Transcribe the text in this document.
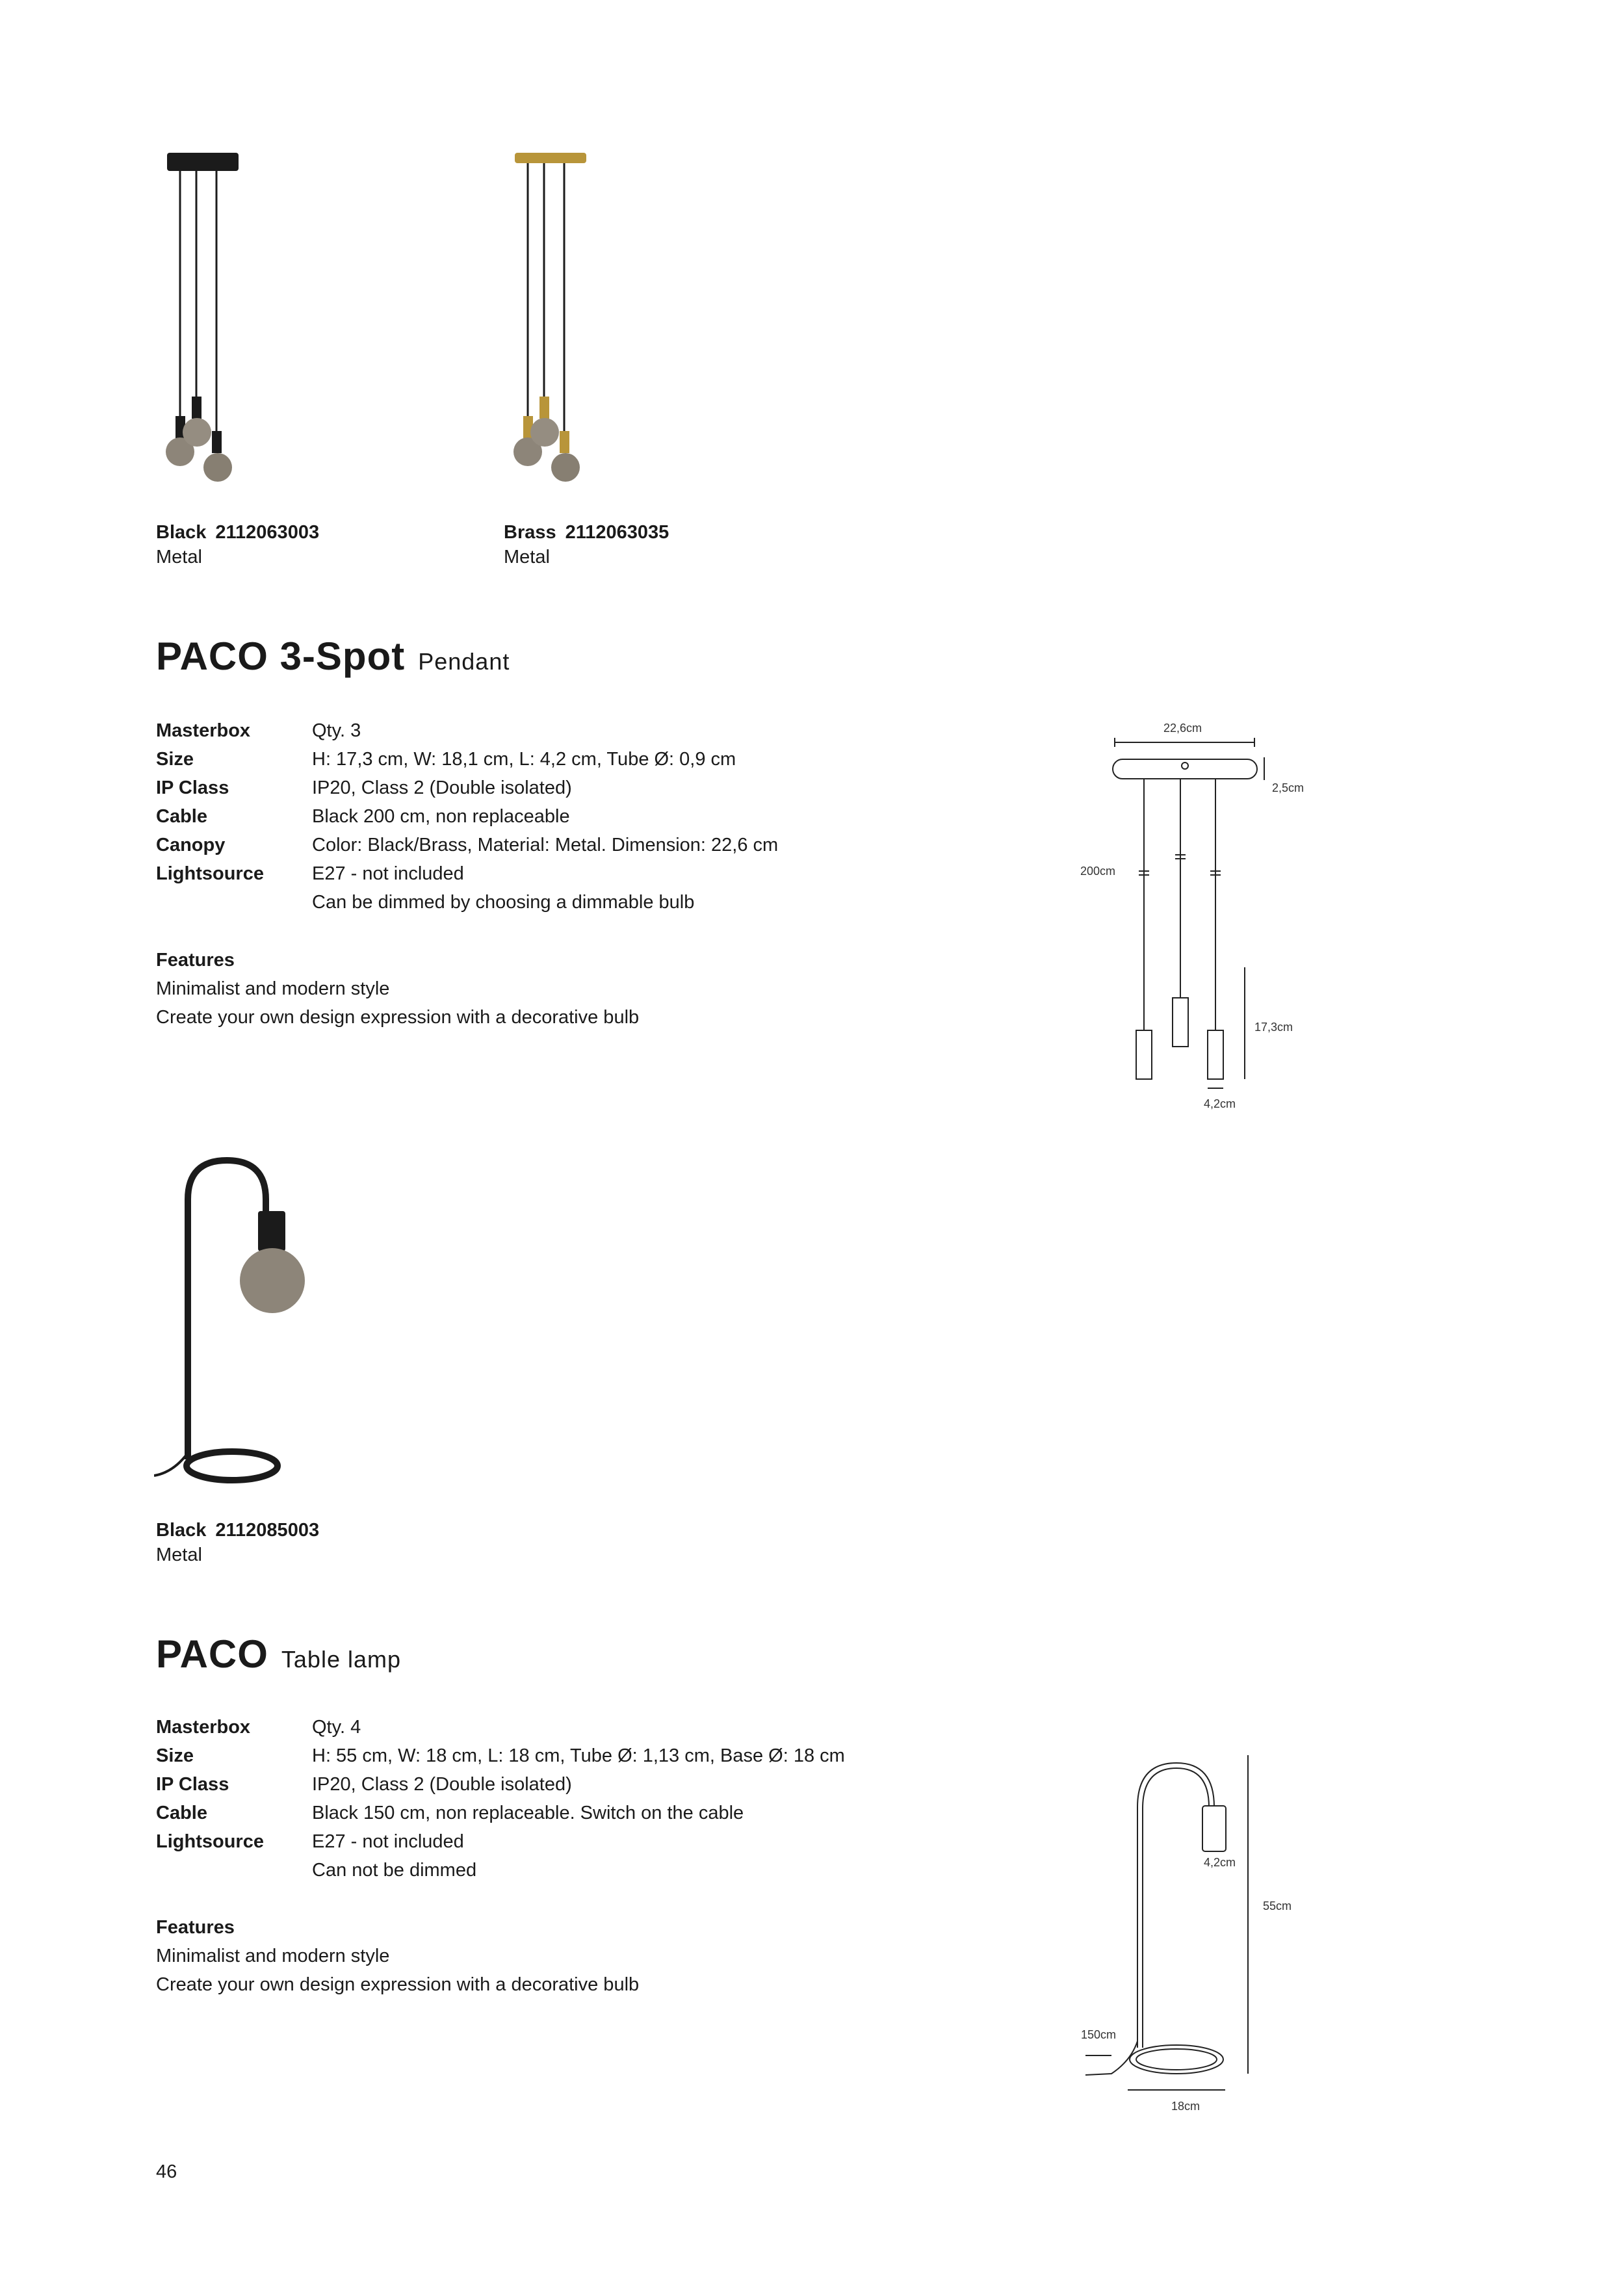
Black 2112063003
Metal
Brass 2112063035
Metal
PACO 3-Spot Pendant
Masterbox	Qty. 3
Size	H: 17,3 cm, W: 18,1 cm, L: 4,2 cm, Tube Ø: 0,9 cm
IP Class	IP20, Class 2 (Double isolated)
Cable	Black 200 cm, non replaceable
Canopy	Color: Black/Brass, Material: Metal. Dimension: 22,6 cm
Lightsource	E27 - not included
Can be dimmed by choosing a dimmable bulb
Features
Minimalist and modern style
Create your own design expression with a decorative bulb
22,6cm
2,5cm
200cm
17,3cm
4,2cm
Black 2112085003
Metal
PACO Table lamp
Masterbox	Qty. 4
Size	H: 55 cm, W: 18 cm, L: 18 cm, Tube Ø: 1,13 cm, Base Ø: 18 cm
IP Class	IP20, Class 2 (Double isolated)
Cable	Black 150 cm, non replaceable. Switch on the cable
Lightsource	E27 - not included
Can not be dimmed
Features
Minimalist and modern style
Create your own design expression with a decorative bulb
4,2cm
55cm
150cm
18cm
46
